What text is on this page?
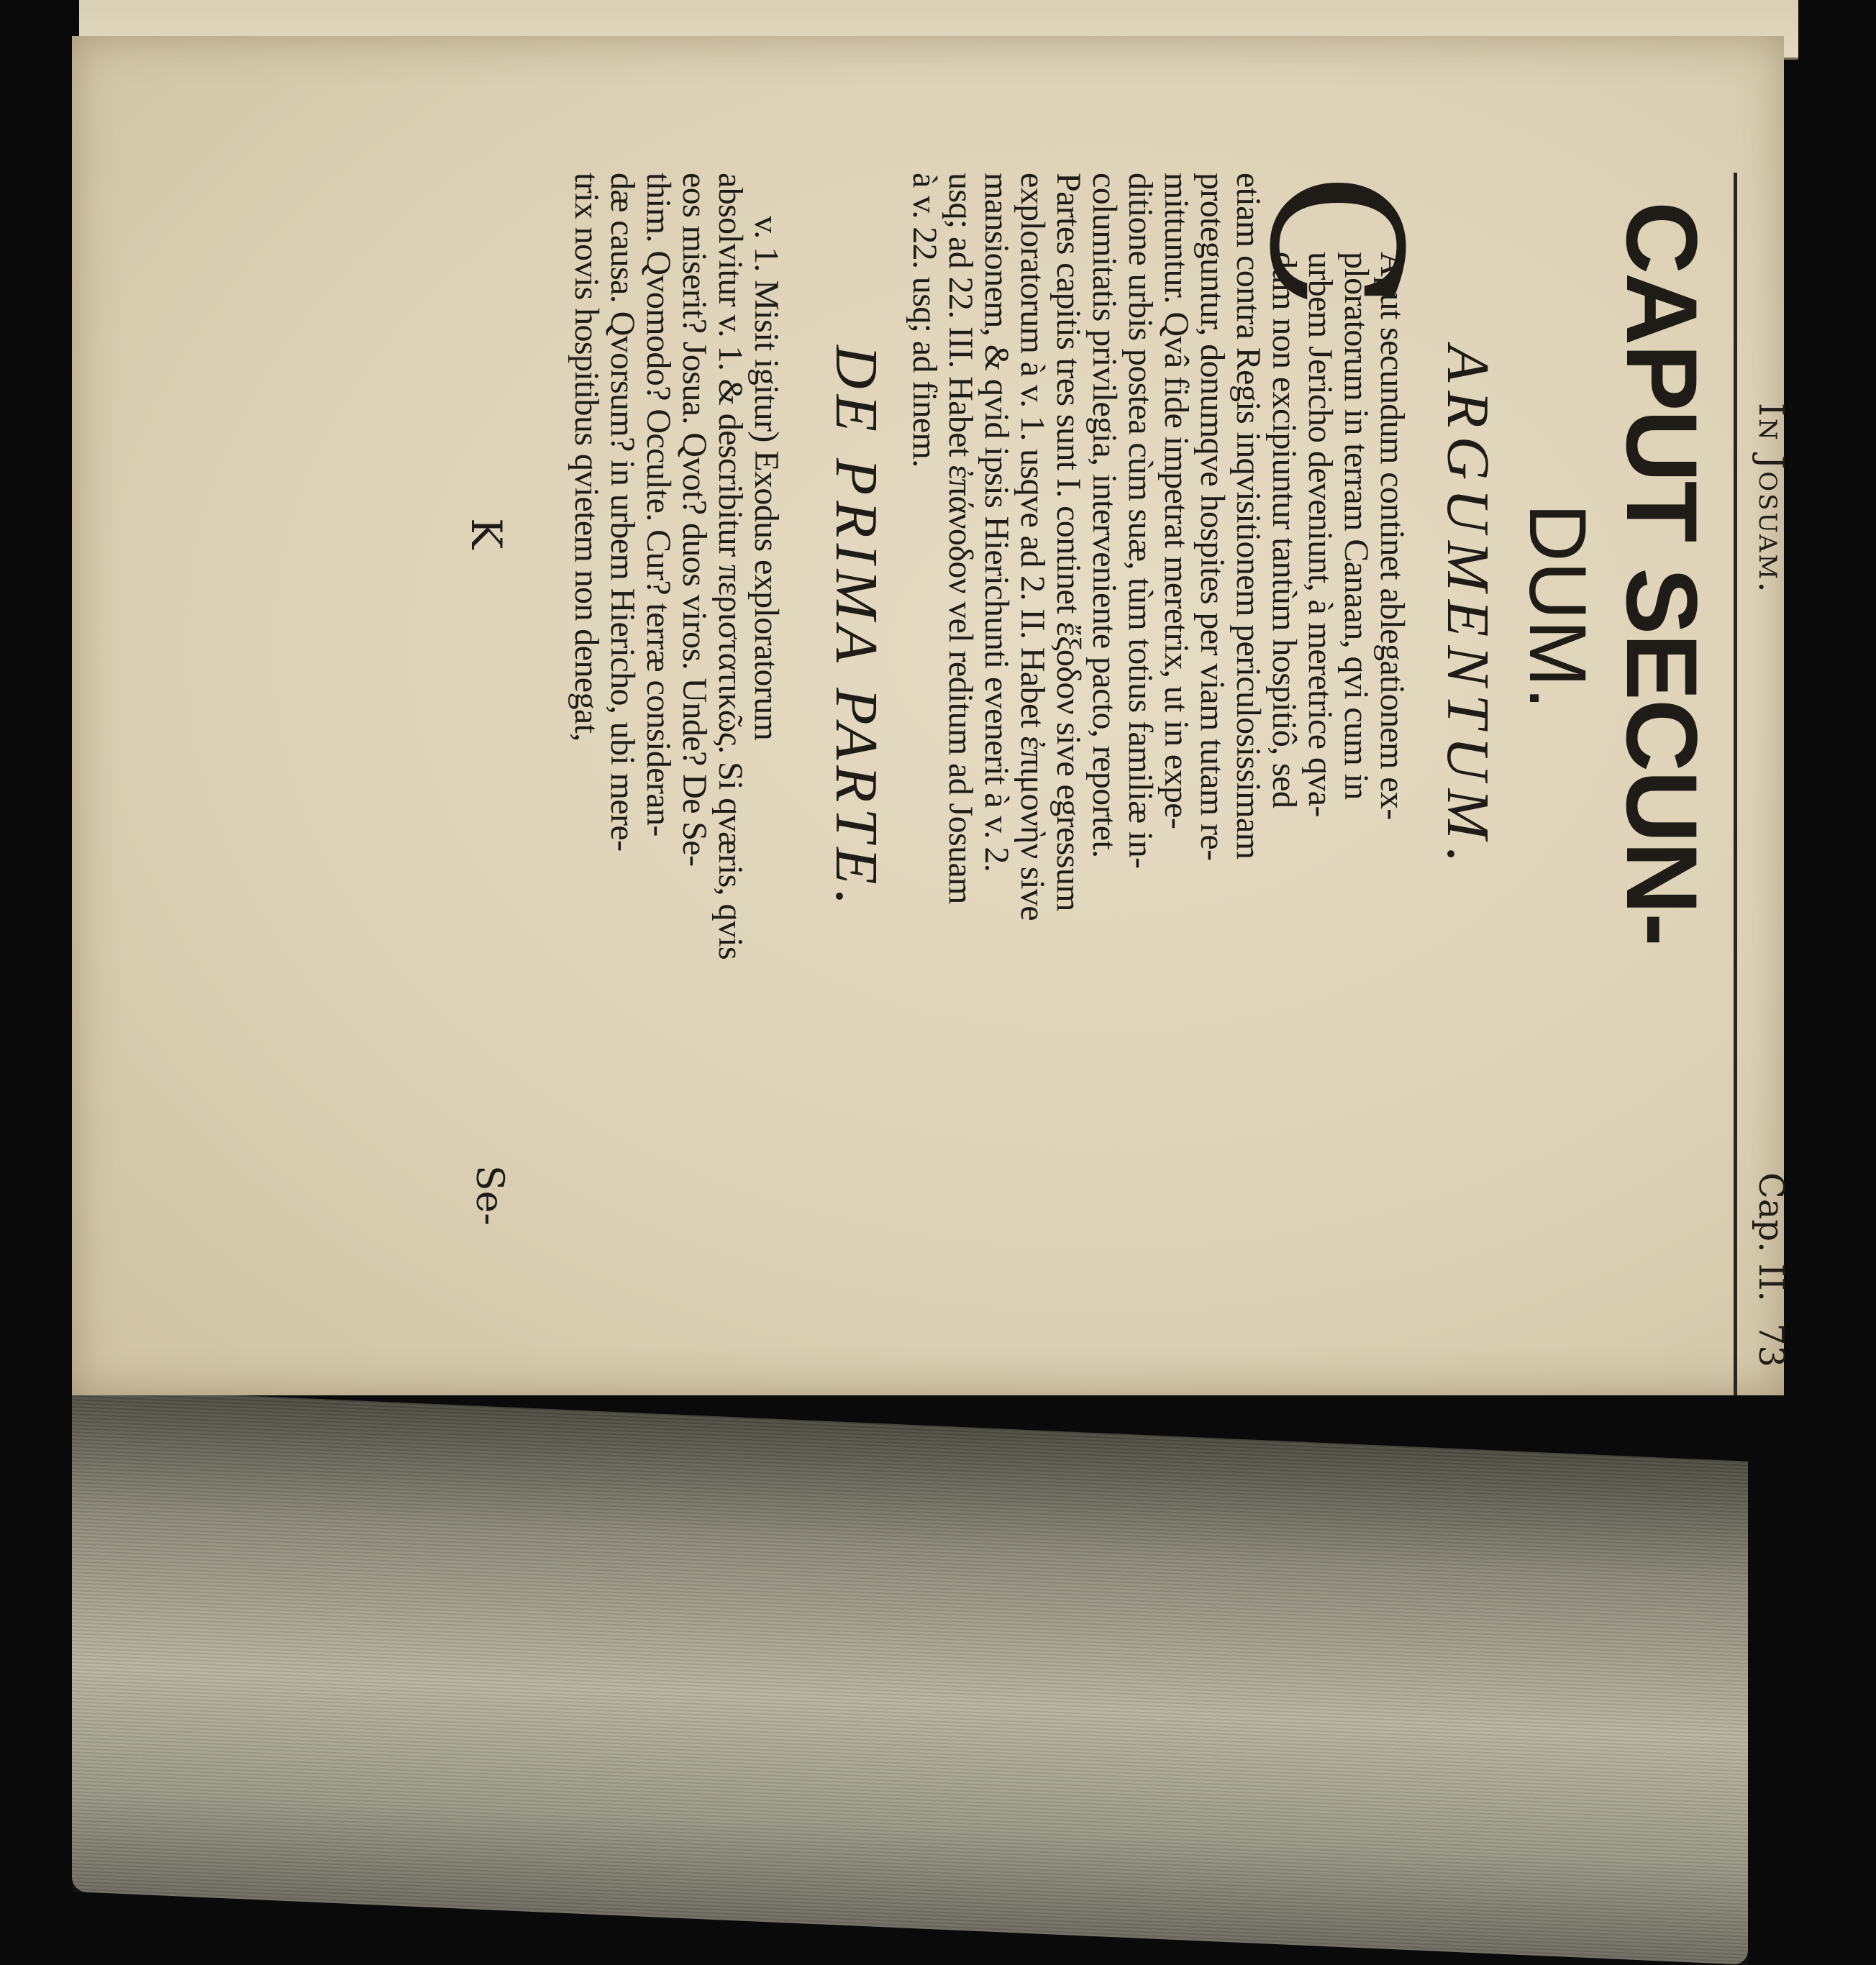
In Josuam.
Cap. II.
73
CAPUT SECUN-
DUM.
ARGUMENTUM.
C
Aput secundum continet ablegationem ex-
ploratorum in terram Canaan, qvi cum in
urbem Jericho deveniunt, à meretrice qva-
dam non excipiuntur tantùm hospitiô, sed
etiam contra Regis inqvisitionem periculosissimam
proteguntur, donumqve hospites per viam tutam re-
mittuntur. Qvâ fide impetrat meretrix, ut in expe-
ditione urbis postea cùm suæ, tùm totius familiæ in-
columitatis privilegia, interveniente pacto, reportet.
Partes capitis tres sunt I. continet ἔξοδον sive egressum
exploratorum à v. 1. usqve ad 2. II. Habet ἐπιμονὴν sive
mansionem, & qvid ipsis Hierichunti evenerit à v. 2.
usq; ad 22. III. Habet ἐπάνοδον vel reditum ad Josuam
à v. 22. usq; ad finem.
DE PRIMA PARTE.
v. 1. Misit igitur) Exodus exploratorum
absolvitur v. 1. & describitur περιστατικῶς. Si qværis, qvis
eos miserit? Josua. Qvot? duos viros. Unde? De Se-
thim. Qvomodo? Occulte. Cur? terræ consideran-
dæ causa. Qvorsum? in urbem Hiericho, ubi mere-
trix novis hospitibus qvietem non denegat,
K
Se-
